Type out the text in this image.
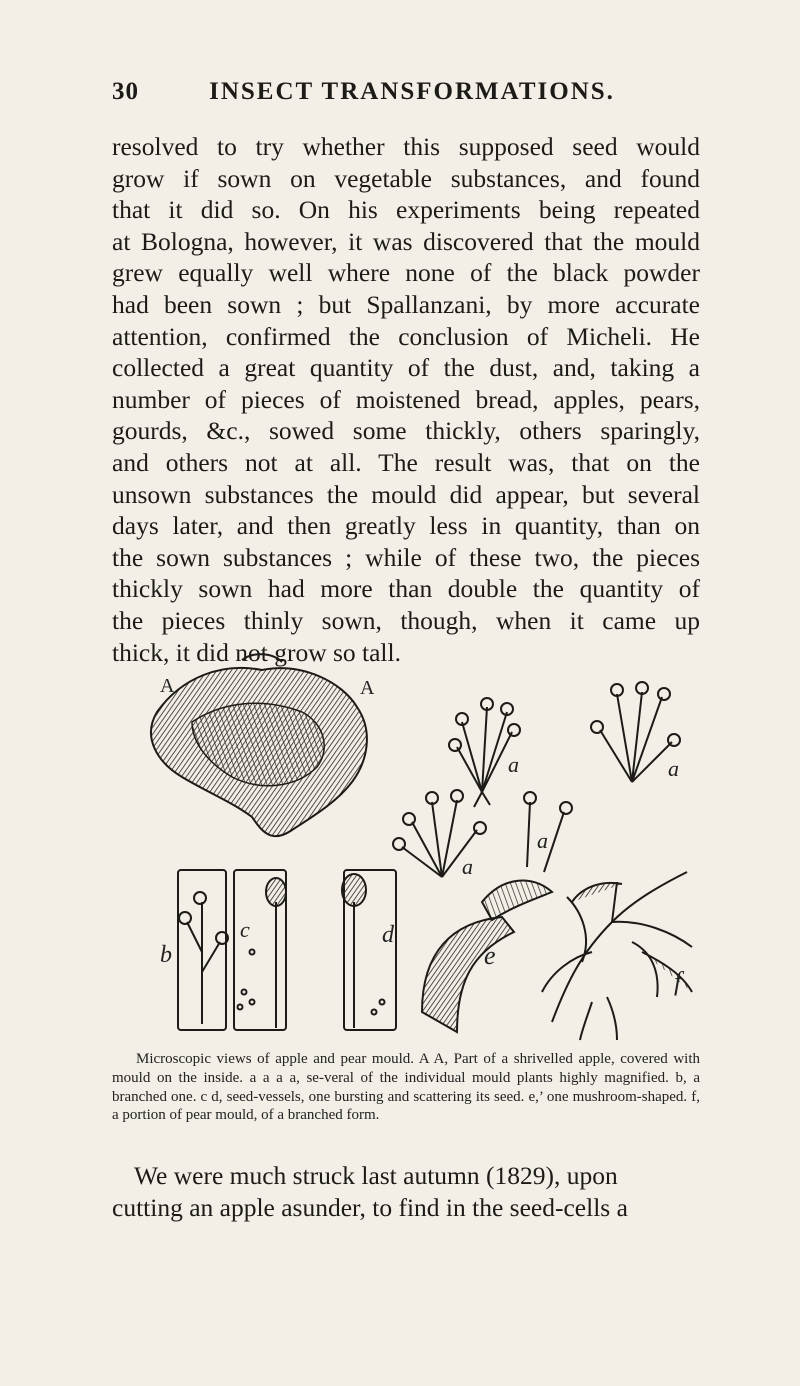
30	INSECT TRANSFORMATIONS.
resolved to try whether this supposed seed would
grow if sown on vegetable substances, and found
that it did so. On his experiments being repeated
at Bologna, however, it was discovered that the mould
grew equally well where none of the black powder
had been sown ; but Spallanzani, by more accurate
attention, confirmed the conclusion of Micheli. He
collected a great quantity of the dust, and, taking a
number of pieces of moistened bread, apples, pears,
gourds, &c., sowed some thickly, others sparingly,
and others not at all. The result was, that on the
unsown substances the mould did appear, but several
days later, and then greatly less in quantity, than on
the sown substances ; while of these two, the pieces
thickly sown had more than double the quantity of
the pieces thinly sown, though, when it came up
thick, it did not grow so tall.
A	A
a	a
a
a
b
c	d
e
f
Microscopic views of apple and pear mould. A A, Part of a shrivelled apple, covered with mould on the inside. a a a a, se-veral of the individual mould plants highly magnified. b, a branched one. c d, seed-vessels, one bursting and scattering its seed. e,’ one mushroom-shaped. f, a portion of pear mould, of a branched form.
We were much struck last autumn (1829), upon
cutting an apple asunder, to find in the seed-cells a
